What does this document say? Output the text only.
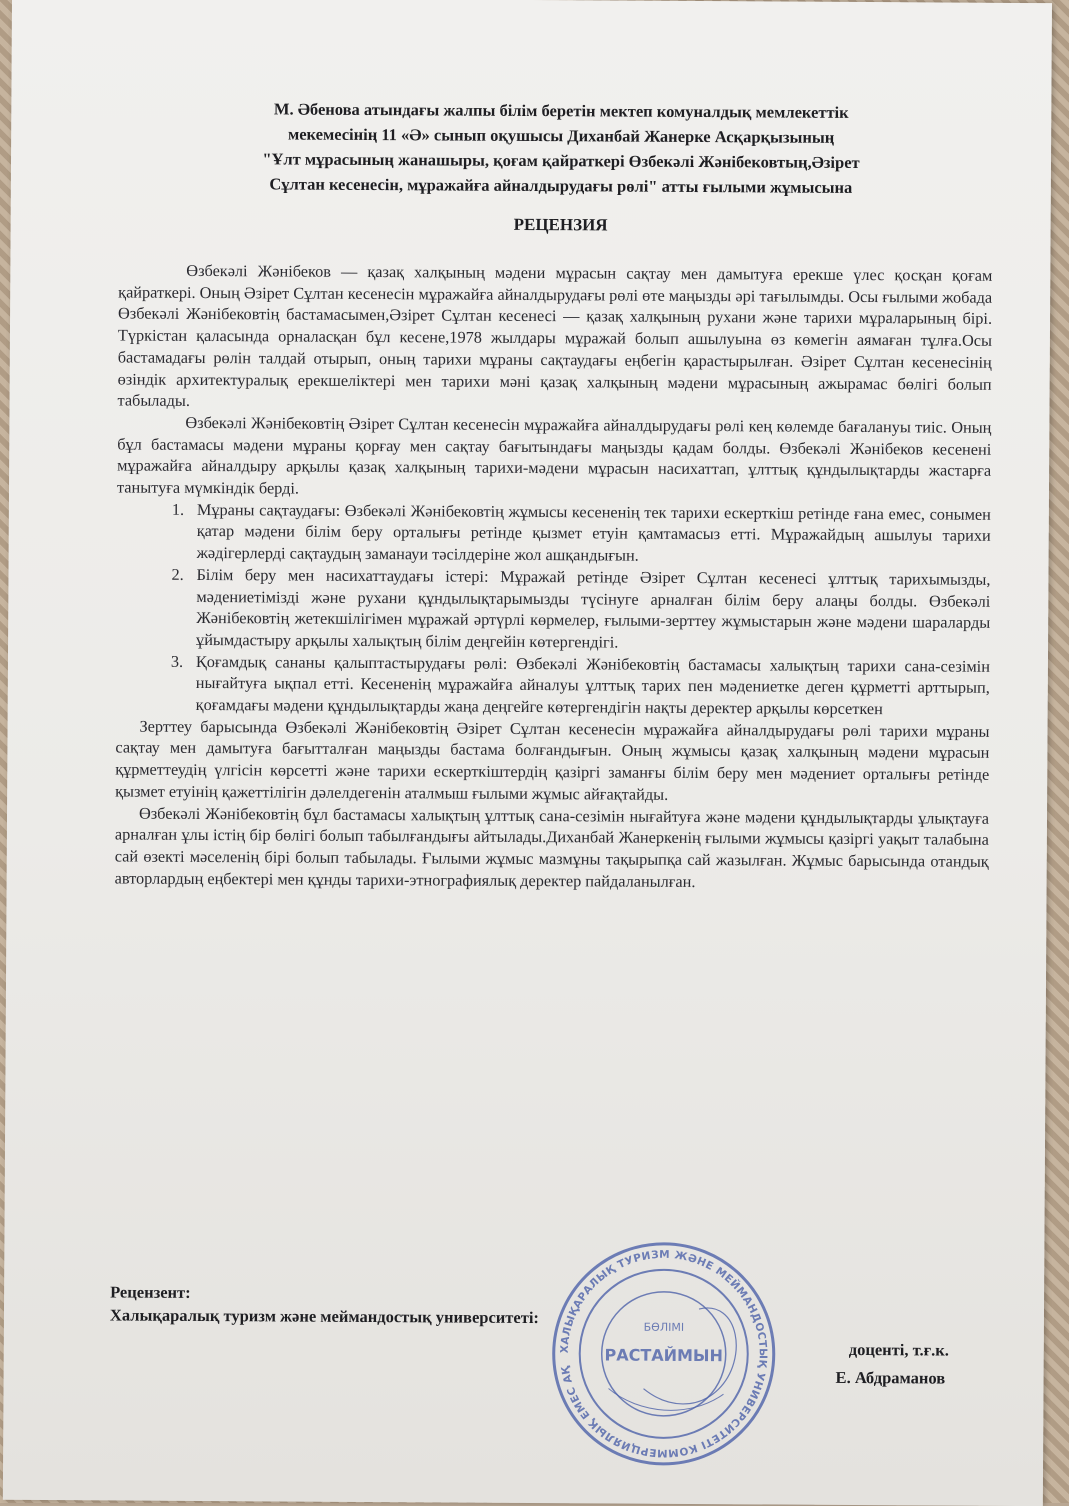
М. Әбенова атындағы жалпы білім беретін мектеп комуналдық мемлекеттік

мекемесінің 11 «Ә» сынып оқушысы Диханбай Жанерке Асқарқызының

"Ұлт мұрасының жанашыры, қоғам қайраткері Өзбекәлі Жәнібековтың,Әзірет

Сұлтан кесенесін, мұражайға айналдырудағы рөлі" атты ғылыми жұмысына

РЕЦЕНЗИЯ

Өзбекәлі Жәнібеков — қазақ халқының мәдени мұрасын сақтау мен дамытуға ерекше үлес қосқан қоғам қайраткері. Оның Әзірет Сұлтан кесенесін мұражайға айналдырудағы рөлі өте маңызды әрі тағылымды. Осы ғылыми жобада Өзбекәлі Жәнібековтің бастамасымен,Әзірет Сұлтан кесенесі — қазақ халқының рухани және тарихи мұраларының бірі. Түркістан қаласында орналасқан бұл кесене,1978 жылдары мұражай болып ашылуына өз көмегін аямаған тұлға.Осы бастамадағы рөлін талдай отырып, оның тарихи мұраны сақтаудағы еңбегін қарастырылған. Әзірет Сұлтан кесенесінің өзіндік архитектуралық ерекшеліктері мен тарихи мәні қазақ халқының мәдени мұрасының ажырамас бөлігі болып табылады.

Өзбекәлі Жәнібековтің Әзірет Сұлтан кесенесін мұражайға айналдырудағы рөлі кең көлемде бағалануы тиіс. Оның бұл бастамасы мәдени мұраны қорғау мен сақтау бағытындағы маңызды қадам болды. Өзбекәлі Жәнібеков кесенені мұражайға айналдыру арқылы қазақ халқының тарихи-мәдени мұрасын насихаттап, ұлттық құндылықтарды жастарға танытуға мүмкіндік берді.

1. Мұраны сақтаудағы: Өзбекәлі Жәнібековтің жұмысы кесененің тек тарихи ескерткіш ретінде ғана емес, сонымен қатар мәдени білім беру орталығы ретінде қызмет етуін қамтамасыз етті. Мұражайдың ашылуы тарихи жәдігерлерді сақтаудың заманауи тәсілдеріне жол ашқандығын.
2. Білім беру мен насихаттаудағы істері: Мұражай ретінде Әзірет Сұлтан кесенесі ұлттық тарихымызды, мәдениетімізді және рухани құндылықтарымызды түсінуге арналған білім беру алаңы болды. Өзбекәлі Жәнібековтің жетекшілігімен мұражай әртүрлі көрмелер, ғылыми-зерттеу жұмыстарын және мәдени шараларды ұйымдастыру арқылы халықтың білім деңгейін көтергендігі.
3. Қоғамдық сананы қалыптастырудағы рөлі: Өзбекәлі Жәнібековтің бастамасы халықтың тарихи сана-сезімін нығайтуға ықпал етті. Кесененің мұражайға айналуы ұлттық тарих пен мәдениетке деген құрметті арттырып, қоғамдағы мәдени құндылықтарды жаңа деңгейге көтергендігін нақты деректер арқылы көрсеткен

Зерттеу барысында Өзбекәлі Жәнібековтің Әзірет Сұлтан кесенесін мұражайға айналдырудағы рөлі тарихи мұраны сақтау мен дамытуға бағытталған маңызды бастама болғандығын. Оның жұмысы қазақ халқының мәдени мұрасын құрметтеудің үлгісін көрсетті және тарихи ескерткіштердің қазіргі заманғы білім беру мен мәдениет орталығы ретінде қызмет етуінің қажеттілігін дәлелдегенін аталмыш ғылыми жұмыс айғақтайды.

Өзбекәлі Жәнібековтің бұл бастамасы халықтың ұлттық сана-сезімін нығайтуға және мәдени құндылықтарды ұлықтауға арналған ұлы істің бір бөлігі болып табылғандығы айтылады.Диханбай Жанеркенің ғылыми жұмысы қазіргі уақыт талабына сай өзекті мәселенің бірі болып табылады. Ғылыми жұмыс мазмұны тақырыпқа сай жазылған. Жұмыс барысында отандық авторлардың еңбектері мен құнды тарихи-этнографиялық деректер пайдаланылған.

Рецензент:
Халықаралық туризм және меймандостық университеті:
доценті, т.ғ.к.
Е. Абдраманов
ХАЛЫҚАРАЛЫҚ ТУРИЗМ ЖӘНЕ МЕЙМАНДОСТЫҚ УНИВЕРСИТЕТІ КОММЕРЦИЯЛЫҚ ЕМЕС АҚ
БӨЛІМІ
РАСТАЙМЫН
